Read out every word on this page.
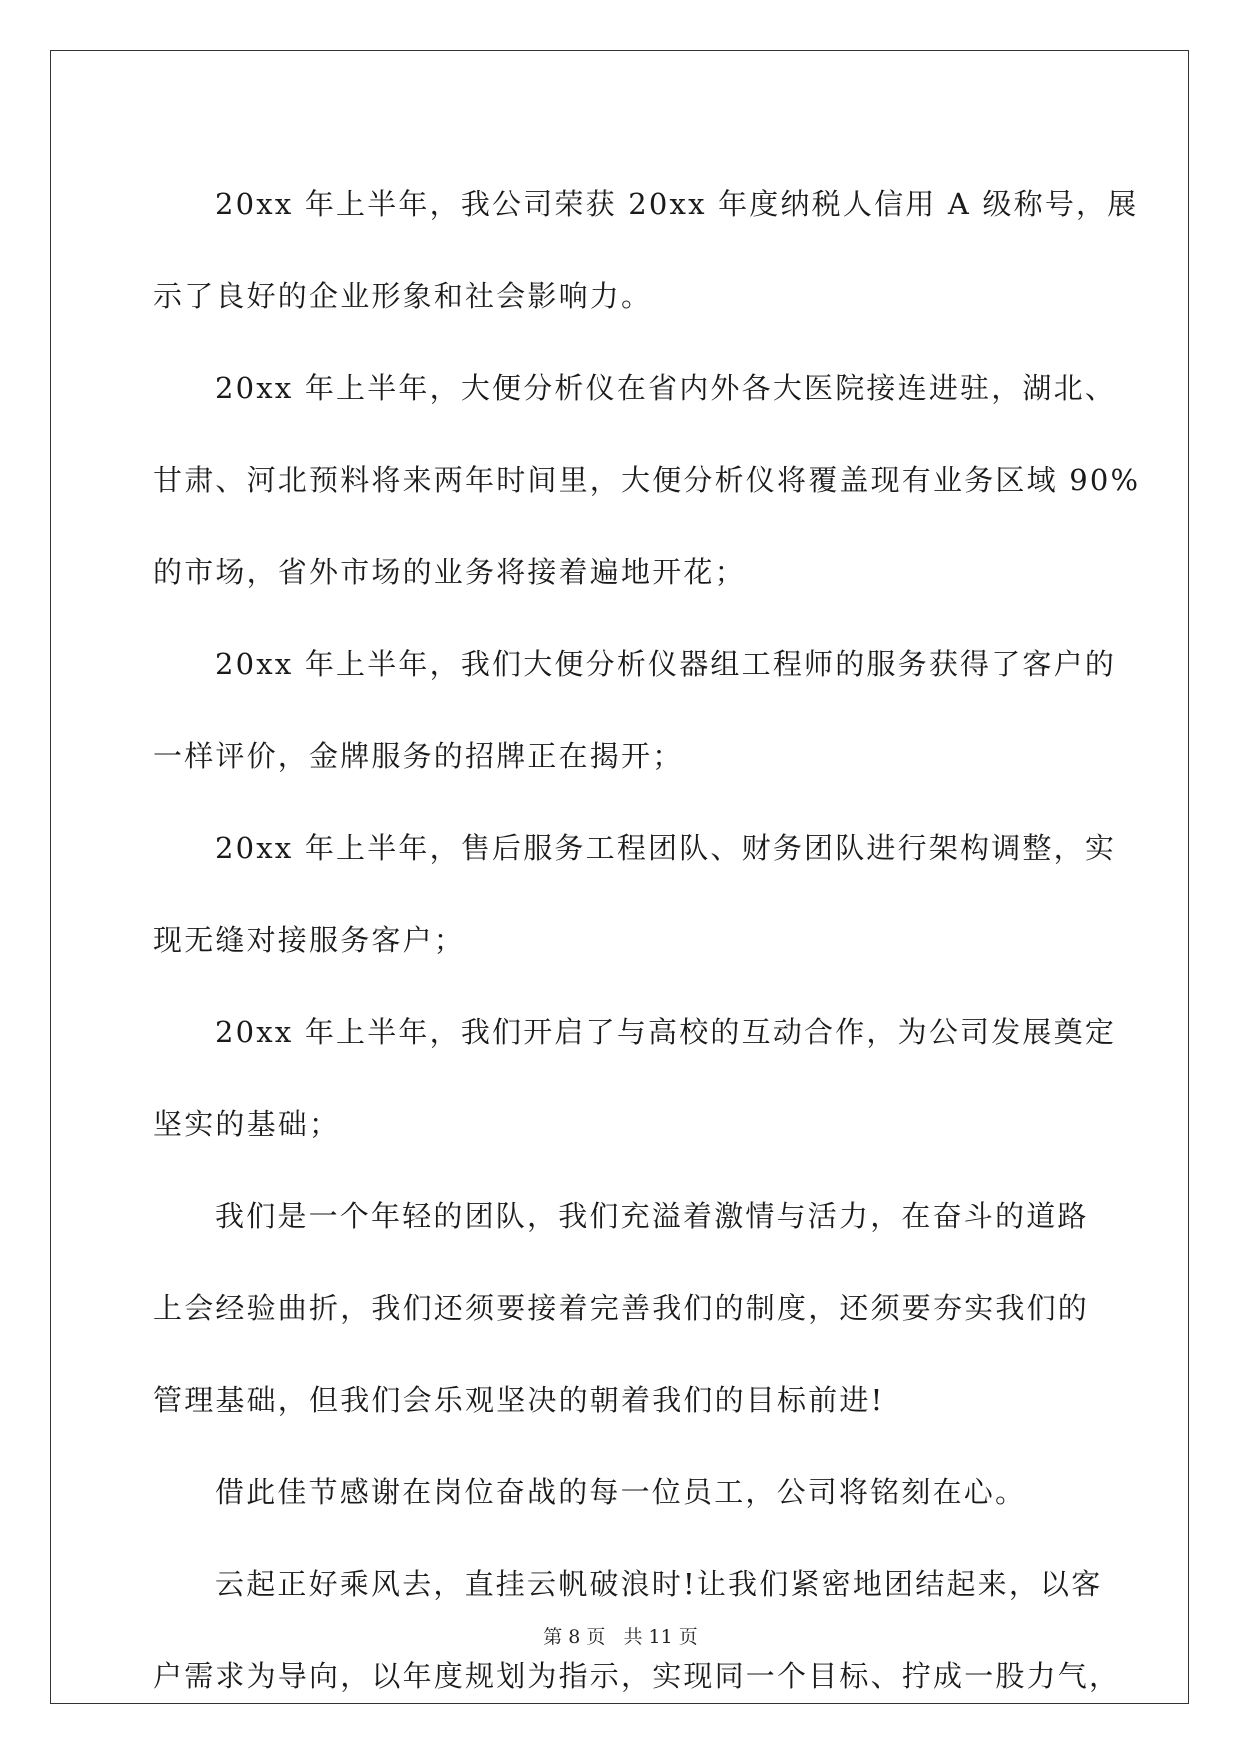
20xx 年上半年，我公司荣获 20xx 年度纳税人信用 A 级称号，展
示了良好的企业形象和社会影响力。
20xx 年上半年，大便分析仪在省内外各大医院接连进驻，湖北、
甘肃、河北预料将来两年时间里，大便分析仪将覆盖现有业务区域 90%
的市场，省外市场的业务将接着遍地开花；
20xx 年上半年，我们大便分析仪器组工程师的服务获得了客户的
一样评价，金牌服务的招牌正在揭开；
20xx 年上半年，售后服务工程团队、财务团队进行架构调整，实
现无缝对接服务客户；
20xx 年上半年，我们开启了与高校的互动合作，为公司发展奠定
坚实的基础；
我们是一个年轻的团队，我们充溢着激情与活力，在奋斗的道路
上会经验曲折，我们还须要接着完善我们的制度，还须要夯实我们的
管理基础，但我们会乐观坚决的朝着我们的目标前进!
借此佳节感谢在岗位奋战的每一位员工，公司将铭刻在心。
云起正好乘风去，直挂云帆破浪时!让我们紧密地团结起来，以客
户需求为导向，以年度规划为指示，实现同一个目标、拧成一股力气，
第 8 页 共 11 页
